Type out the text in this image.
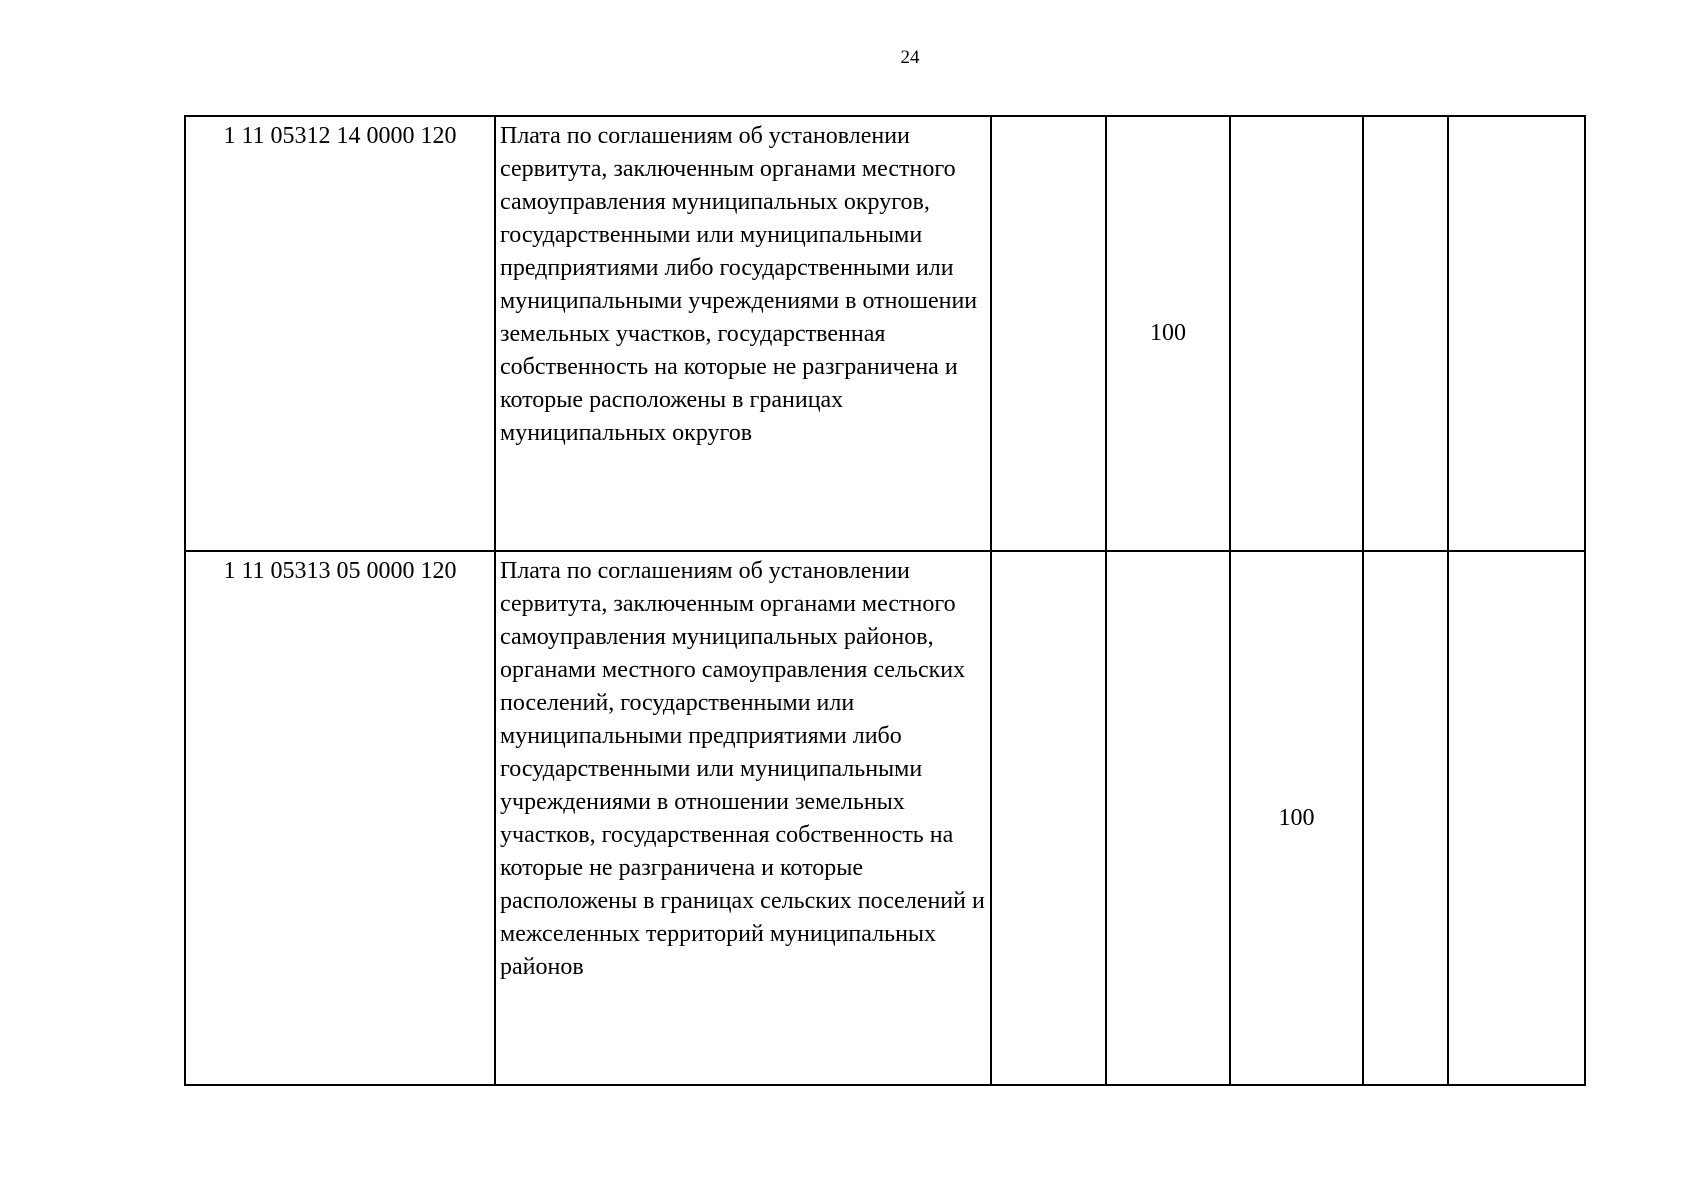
24
1 11 05312 14 0000 120	Плата по соглашениям об установлении сервитута, заключенным органами местного самоуправления муниципальных округов, государственными или муниципальными предприятиями либо государственными или муниципальными учреждениями в отношении земельных участков, государственная собственность на которые не разграничена и которые расположены в границах муниципальных округов		100			
1 11 05313 05 0000 120	Плата по соглашениям об установлении сервитута, заключенным органами местного самоуправления муниципальных районов, органами местного самоуправления сельских поселений, государственными или муниципальными предприятиями либо государственными или муниципальными учреждениями в отношении земельных участков, государственная собственность на которые не разграничена и которые расположены в границах сельских поселений и межселенных территорий муниципальных районов			100		
